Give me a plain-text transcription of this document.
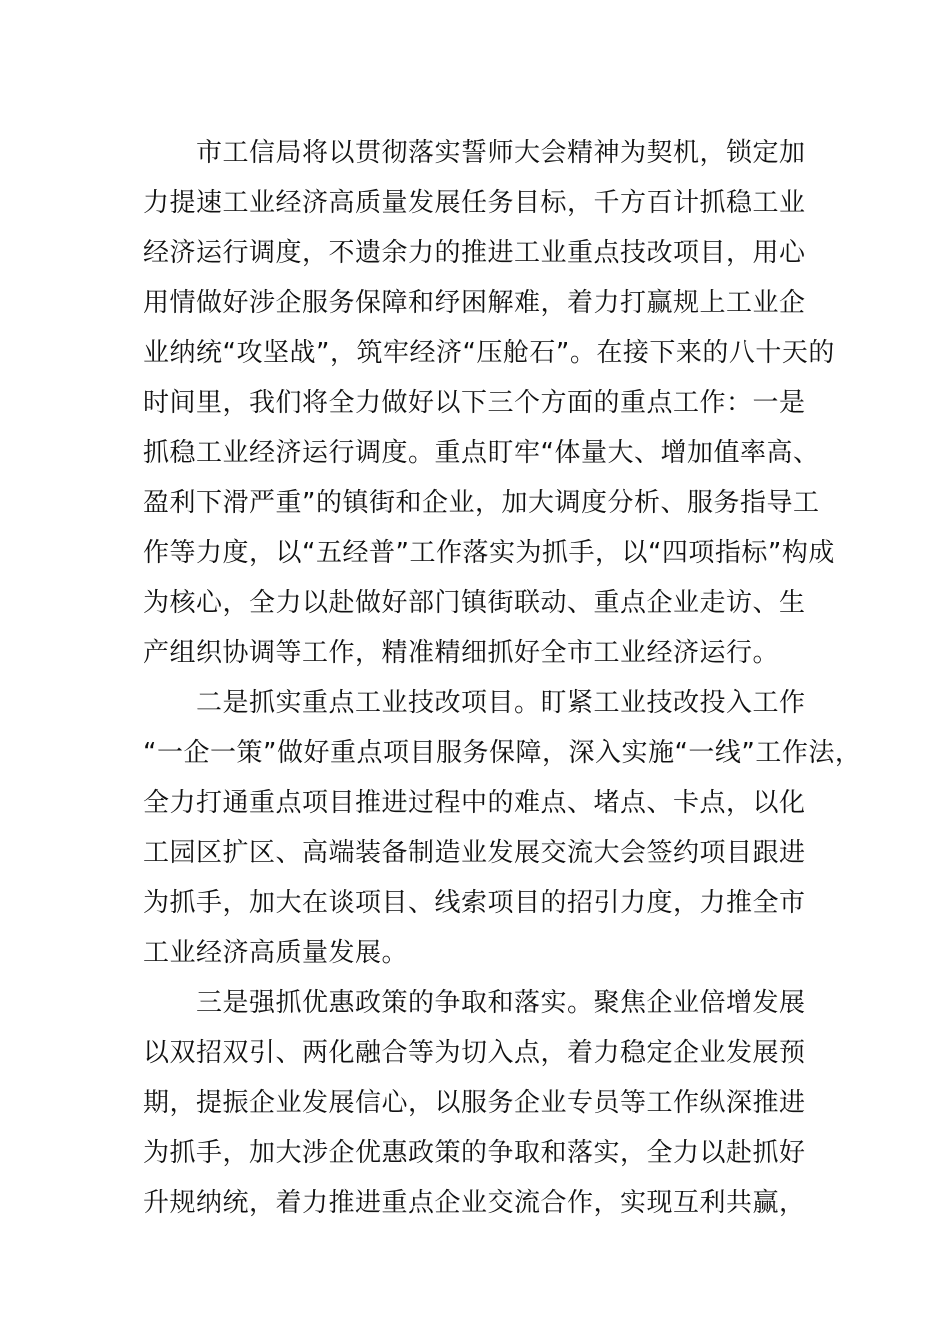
市工信局将以贯彻落实誓师大会精神为契机，锁定加
力提速工业经济高质量发展任务目标，千方百计抓稳工业
经济运行调度，不遗余力的推进工业重点技改项目，用心
用情做好涉企服务保障和纾困解难，着力打赢规上工业企
业纳统“攻坚战”，筑牢经济“压舱石”。在接下来的八十天的
时间里，我们将全力做好以下三个方面的重点工作：一是
抓稳工业经济运行调度。重点盯牢“体量大、增加值率高、
盈利下滑严重”的镇街和企业，加大调度分析、服务指导工
作等力度，以“五经普”工作落实为抓手，以“四项指标”构成
为核心，全力以赴做好部门镇街联动、重点企业走访、生
产组织协调等工作，精准精细抓好全市工业经济运行。
二是抓实重点工业技改项目。盯紧工业技改投入工作
“一企一策”做好重点项目服务保障，深入实施“一线”工作法，
全力打通重点项目推进过程中的难点、堵点、卡点，以化
工园区扩区、高端装备制造业发展交流大会签约项目跟进
为抓手，加大在谈项目、线索项目的招引力度，力推全市
工业经济高质量发展。
三是强抓优惠政策的争取和落实。聚焦企业倍增发展
以双招双引、两化融合等为切入点，着力稳定企业发展预
期，提振企业发展信心，以服务企业专员等工作纵深推进
为抓手，加大涉企优惠政策的争取和落实，全力以赴抓好
升规纳统，着力推进重点企业交流合作，实现互利共赢，
